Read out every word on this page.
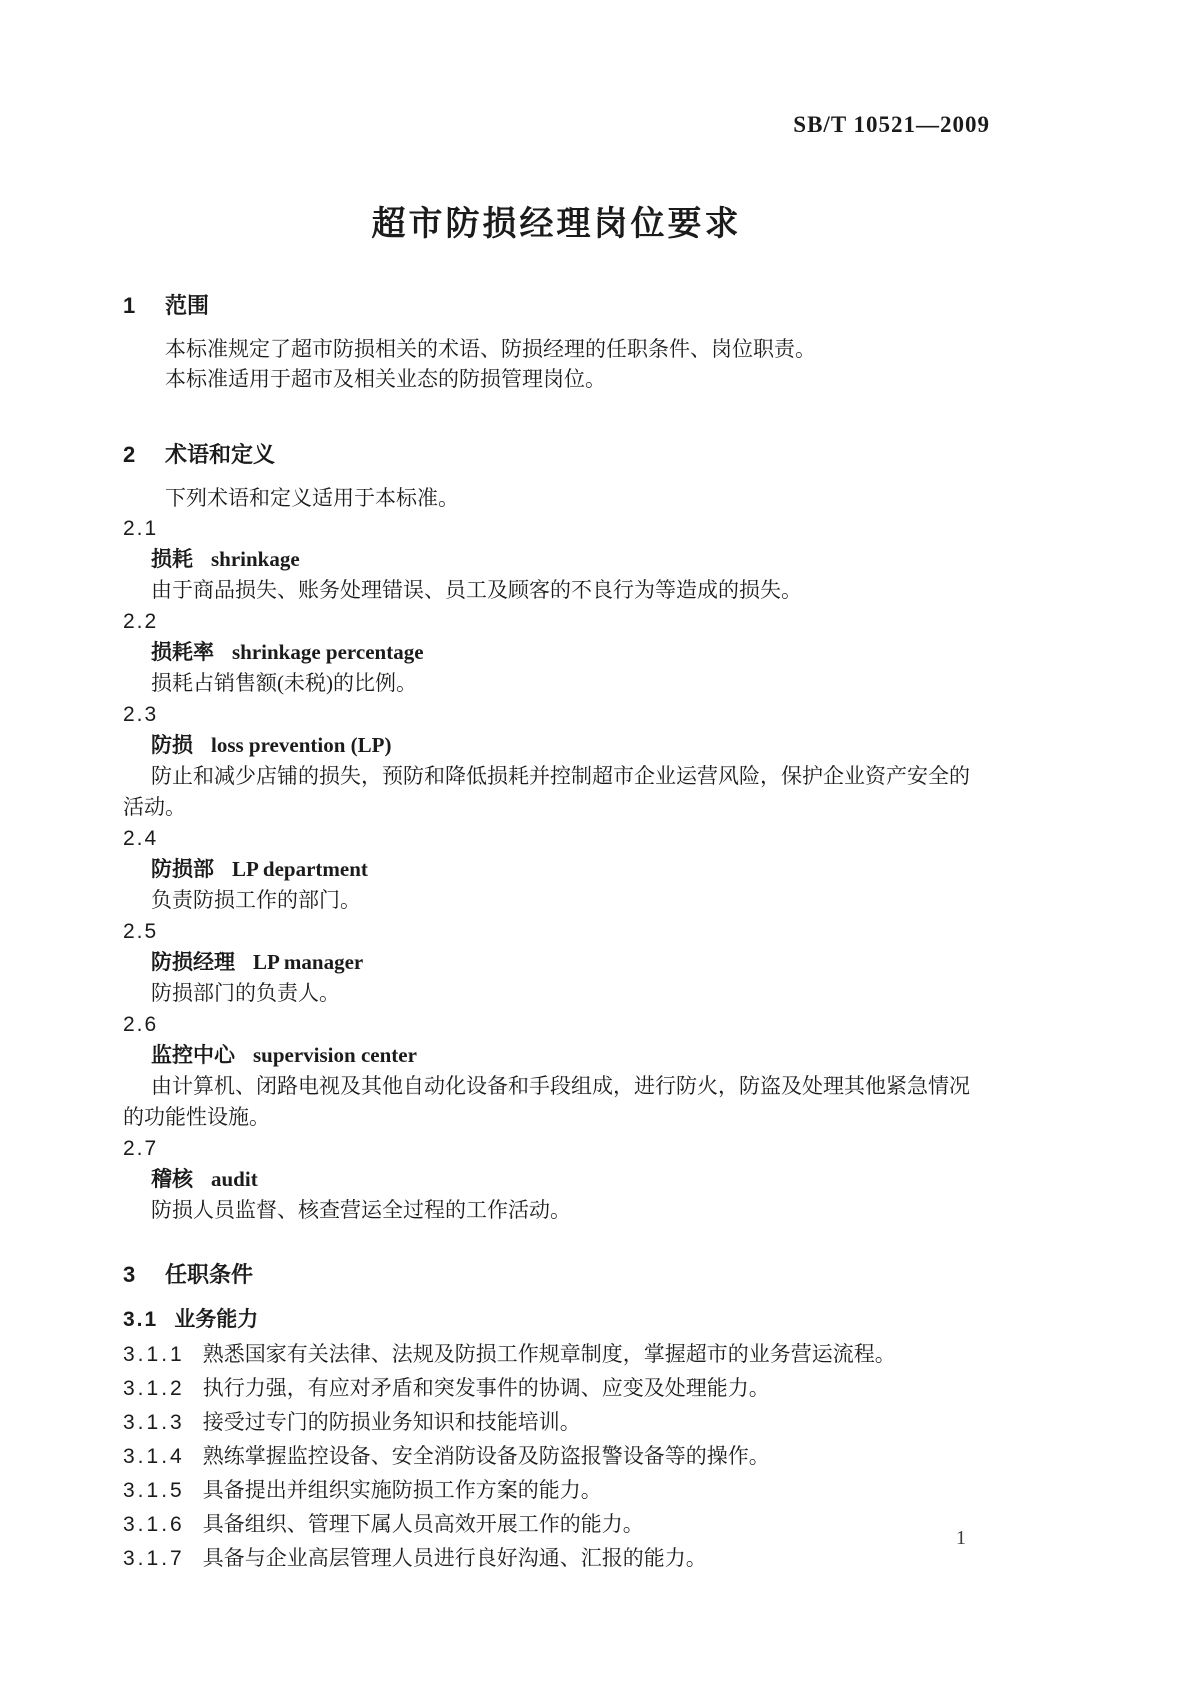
SB/T 10521—2009
超市防损经理岗位要求
1 范围

本标准规定了超市防损相关的术语、防损经理的任职条件、岗位职责。

本标准适用于超市及相关业态的防损管理岗位。

2 术语和定义

下列术语和定义适用于本标准。

2.1
损耗 shrinkage

由于商品损失、账务处理错误、员工及顾客的不良行为等造成的损失。

2.2
损耗率 shrinkage percentage

损耗占销售额(未税)的比例。

2.3
防损 loss prevention (LP)

防止和减少店铺的损失，预防和降低损耗并控制超市企业运营风险，保护企业资产安全的活动。

2.4
防损部 LP department

负责防损工作的部门。

2.5
防损经理 LP manager

防损部门的负责人。

2.6
监控中心 supervision center

由计算机、闭路电视及其他自动化设备和手段组成，进行防火，防盗及处理其他紧急情况的功能性设施。

2.7
稽核 audit

防损人员监督、核查营运全过程的工作活动。

3 任职条件
3.1 业务能力

3.1.1 熟悉国家有关法律、法规及防损工作规章制度，掌握超市的业务营运流程。

3.1.2 执行力强，有应对矛盾和突发事件的协调、应变及处理能力。

3.1.3 接受过专门的防损业务知识和技能培训。

3.1.4 熟练掌握监控设备、安全消防设备及防盗报警设备等的操作。

3.1.5 具备提出并组织实施防损工作方案的能力。

3.1.6 具备组织、管理下属人员高效开展工作的能力。

3.1.7 具备与企业高层管理人员进行良好沟通、汇报的能力。

1
